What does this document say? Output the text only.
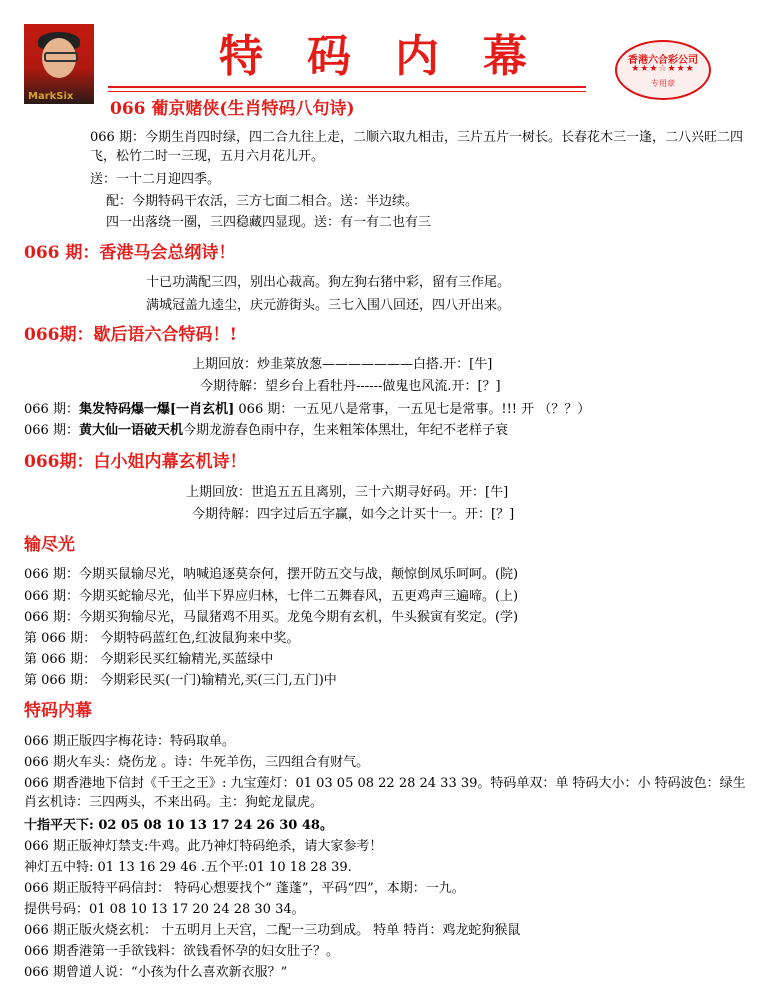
MarkSix
特码内幕	香港六合彩公司
★★★☆★★★
专用章
066 葡京赌侠(生肖特码八句诗)
066 期：今期生肖四时绿，四二合九往上走，二顺六取九相击，三片五片一树长。长春花木三一逢，二八兴旺二四飞，松竹二时一三现，五月六月花儿开。
送：一十二月迎四季。
配：今期特码干农活，三方七面二相合。送：半边续。
四一出落绕一圈，三四稳藏四显现。送：有一有二也有三
066 期：香港马会总纲诗！
十已功满配三四，别出心裁高。狗左狗右猪中彩，留有三作尾。
满城冠盖九逵尘，庆元游街头。三七入围八回还，四八开出来。
066期：歇后语六合特码！!
上期回放：炒韭菜放葱———————白搭.开：[牛]
今期待解：望乡台上看牡丹------做鬼也风流.开：[？]
066 期：集发特码爆一爆[一肖玄机] 066 期：一五见八是常事，一五见七是常事。!!! 开 （？？）
066 期：黄大仙一语破天机今期龙游春色雨中存，生来粗笨体黑壮，年纪不老样子衰
066期：白小姐内幕玄机诗！
上期回放：世追五五且离别，三十六期寻好码。开：[牛]
今期待解：四字过后五字赢，如今之计买十一。开：[？]
输尽光
066 期：今期买鼠输尽光，呐喊追逐莫奈何，摆开防五交与战，颠惊倒凤乐呵呵。(院)
066 期：今期买蛇输尽光，仙半下界应归林，七伴二五舞春风，五更鸡声三遍啼。(上)
066 期：今期买狗输尽光，马鼠猪鸡不用买。龙兔今期有玄机，牛头猴寅有奖定。(学)
第 066 期： 今期特码蓝红色,红波鼠狗来中奖。
第 066 期： 今期彩民买红输精光,买蓝绿中
第 066 期： 今期彩民买(一门)输精光,买(三门,五门)中
特码内幕
066 期正版四字梅花诗：特码取单。
066 期火车头：烧伤龙 。诗：牛死羊伤，三四组合有财气。
066 期香港地下信封《千王之王》: 九宝莲灯：01 03 05 08 22 28 24 33 39。特码单双：单 特码大小：小 特码波色：绿生肖玄机诗：三四两头，不来出码。主：狗蛇龙鼠虎。
十指平天下: 02 05 08 10 13 17 24 26 30 48。
066 期正版神灯禁支:牛鸡。此乃神灯特码绝杀，请大家参考！
神灯五中特: 01 13 16 29 46 .五个平:01 10 18 28 39.
066 期正版特平码信封： 特码心想要找个“ 蓬蓬”，平码“四”，本期：一九。
提供号码：01 08 10 13 17 20 24 28 30 34。
066 期正版火烧玄机： 十五明月上天宫，二配一三功到成。 特单 特肖：鸡龙蛇狗猴鼠
066 期香港第一手欲钱料：欲钱看怀孕的妇女肚子？。
066 期曾道人说：“小孩为什么喜欢新衣服？”
